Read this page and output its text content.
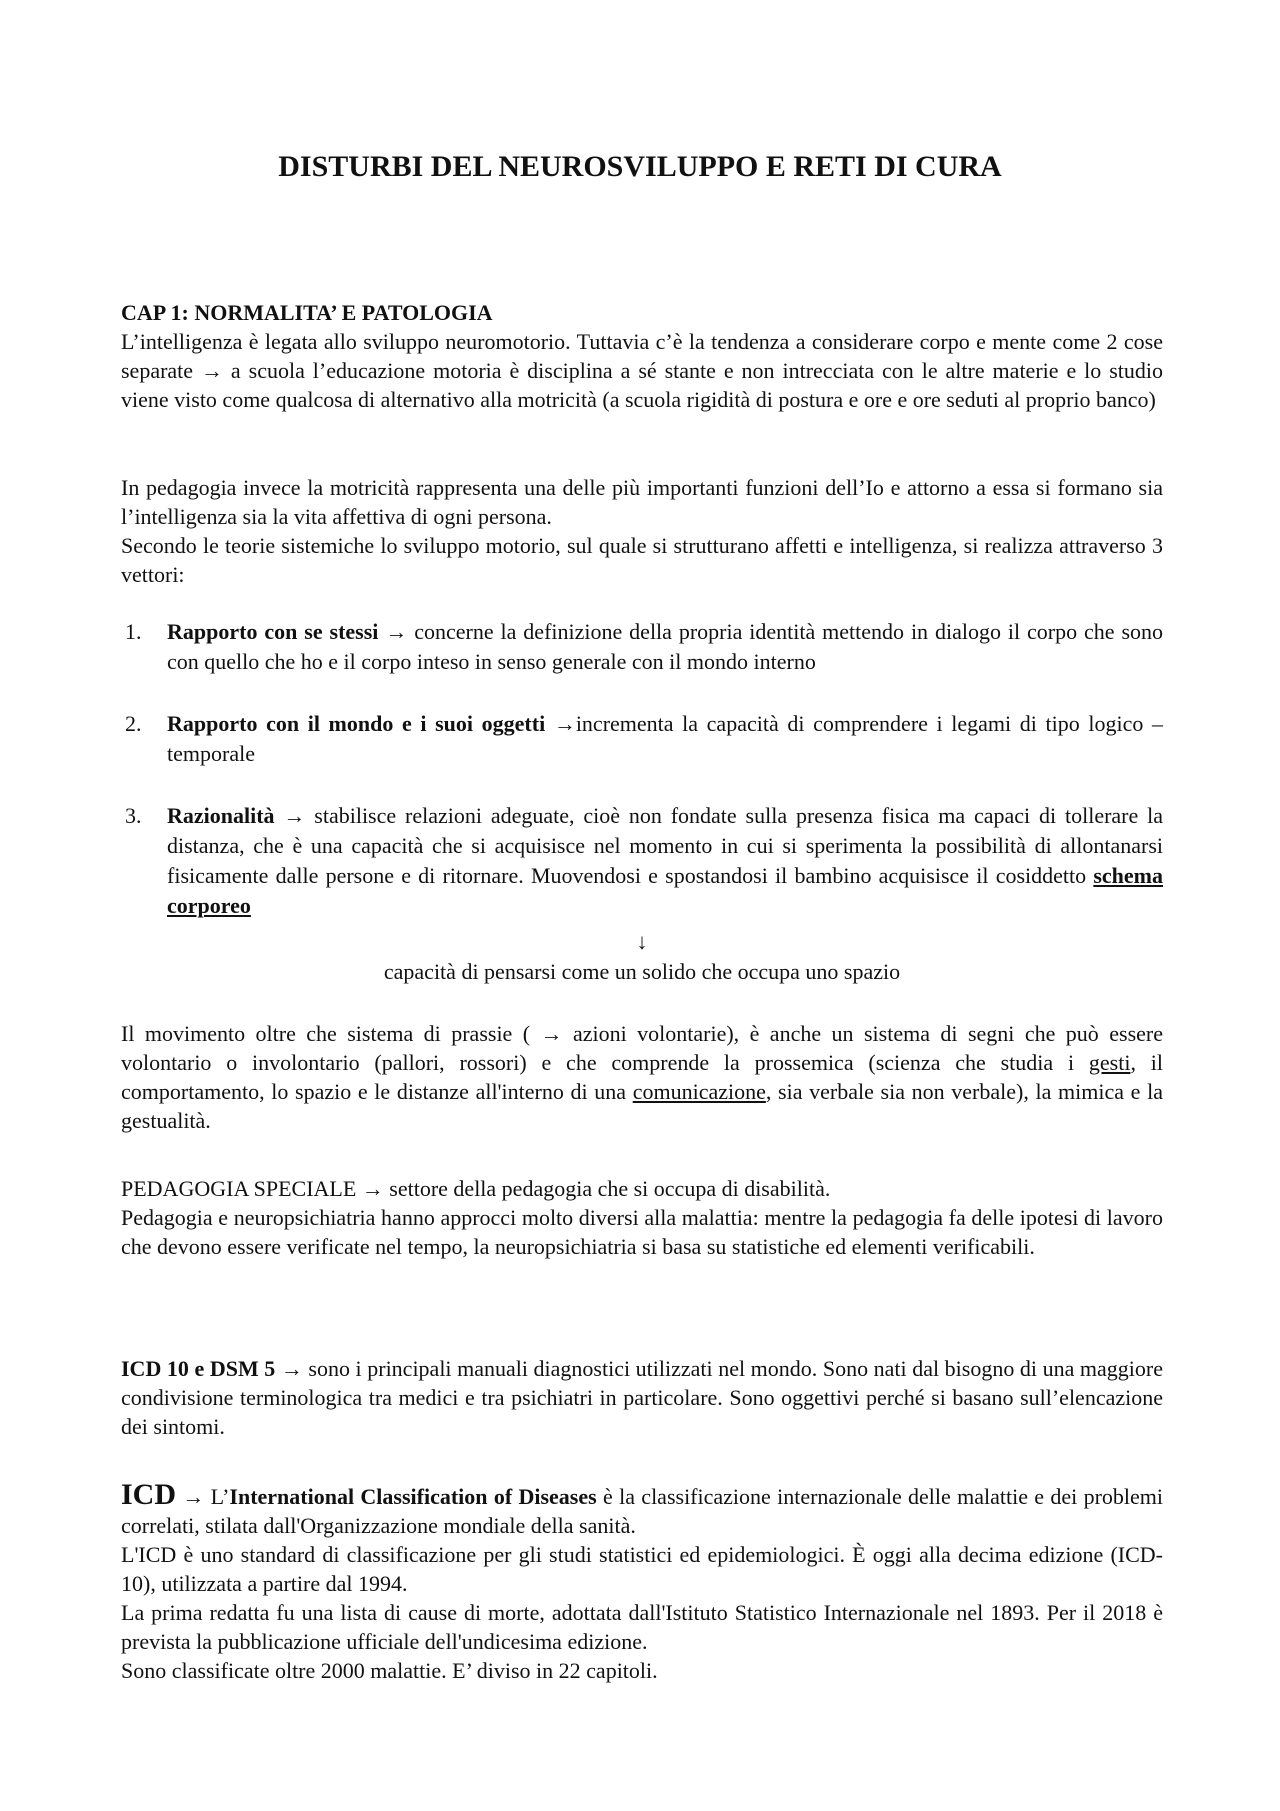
DISTURBI DEL NEUROSVILUPPO E RETI DI CURA
CAP 1: NORMALITA’ E PATOLOGIA

L’intelligenza è legata allo sviluppo neuromotorio. Tuttavia c’è la tendenza a considerare corpo e mente come 2 cose separate → a scuola l’educazione motoria è disciplina a sé stante e non intrecciata con le altre materie e lo studio viene visto come qualcosa di alternativo alla motricità (a scuola rigidità di postura e ore e ore seduti al proprio banco)

In pedagogia invece la motricità rappresenta una delle più importanti funzioni dell’Io e attorno a essa si formano sia l’intelligenza sia la vita affettiva di ogni persona.

Secondo le teorie sistemiche lo sviluppo motorio, sul quale si strutturano affetti e intelligenza, si realizza attraverso 3 vettori:

1. Rapporto con se stessi → concerne la definizione della propria identità mettendo in dialogo il corpo che sono con quello che ho e il corpo inteso in senso generale con il mondo interno
2. Rapporto con il mondo e i suoi oggetti →incrementa la capacità di comprendere i legami di tipo logico – temporale
3. Razionalità → stabilisce relazioni adeguate, cioè non fondate sulla presenza fisica ma capaci di tollerare la distanza, che è una capacità che si acquisisce nel momento in cui si sperimenta la possibilità di allontanarsi fisicamente dalle persone e di ritornare. Muovendosi e spostandosi il bambino acquisisce il cosiddetto schema corporeo
↓
capacità di pensarsi come un solido che occupa uno spazio

Il movimento oltre che sistema di prassie ( → azioni volontarie), è anche un sistema di segni che può essere volontario o involontario (pallori, rossori) e che comprende la prossemica (scienza che studia i gesti, il comportamento, lo spazio e le distanze all'interno di una comunicazione, sia verbale sia non verbale), la mimica e la gestualità.

PEDAGOGIA SPECIALE → settore della pedagogia che si occupa di disabilità.

Pedagogia e neuropsichiatria hanno approcci molto diversi alla malattia: mentre la pedagogia fa delle ipotesi di lavoro che devono essere verificate nel tempo, la neuropsichiatria si basa su statistiche ed elementi verificabili.

ICD 10 e DSM 5 → sono i principali manuali diagnostici utilizzati nel mondo. Sono nati dal bisogno di una maggiore condivisione terminologica tra medici e tra psichiatri in particolare. Sono oggettivi perché si basano sull’elencazione dei sintomi.

ICD → L’International Classification of Diseases è la classificazione internazionale delle malattie e dei problemi correlati, stilata dall'Organizzazione mondiale della sanità.

L'ICD è uno standard di classificazione per gli studi statistici ed epidemiologici. È oggi alla decima edizione (ICD-10), utilizzata a partire dal 1994.

La prima redatta fu una lista di cause di morte, adottata dall'Istituto Statistico Internazionale nel 1893. Per il 2018 è prevista la pubblicazione ufficiale dell'undicesima edizione.

Sono classificate oltre 2000 malattie. E’ diviso in 22 capitoli.
